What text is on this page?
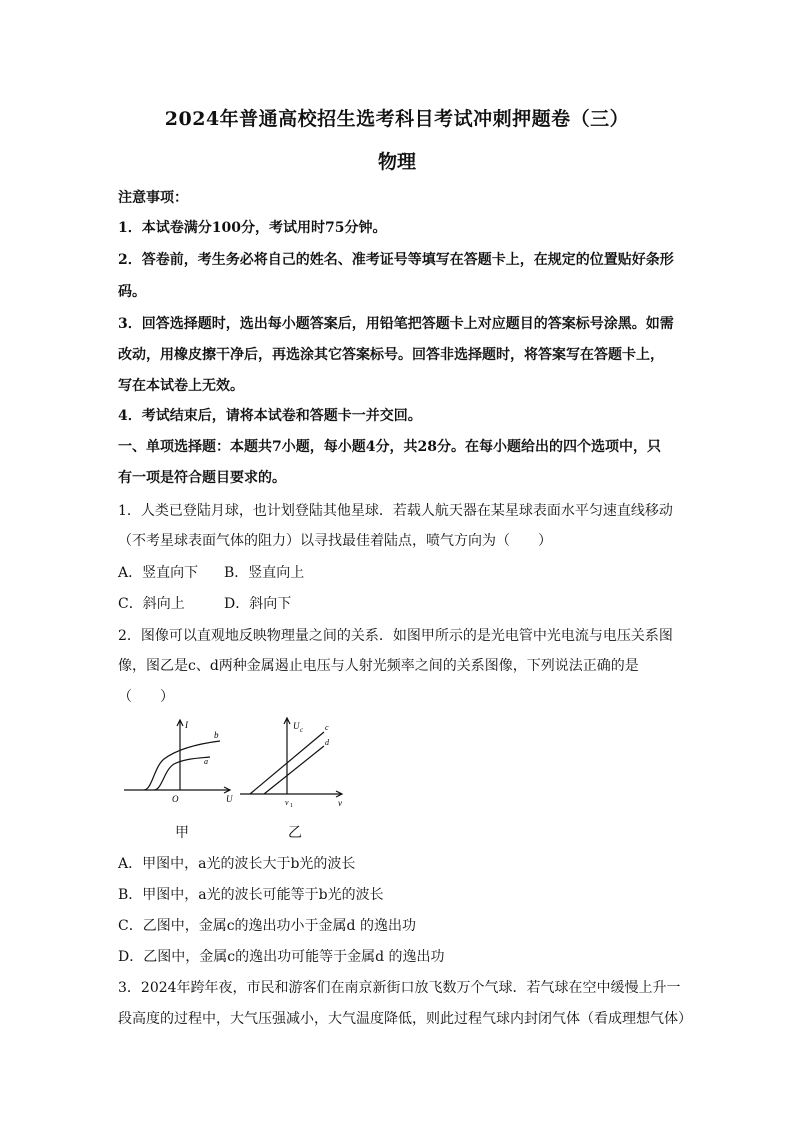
2024年普通高校招生选考科目考试冲刺押题卷（三）
物理
注意事项：
1．本试卷满分100分，考试用时75分钟。
2．答卷前，考生务必将自己的姓名、准考证号等填写在答题卡上，在规定的位置贴好条形
码。
3．回答选择题时，选出每小题答案后，用铅笔把答题卡上对应题目的答案标号涂黑。如需
改动，用橡皮擦干净后，再选涂其它答案标号。回答非选择题时，将答案写在答题卡上，
写在本试卷上无效。
4．考试结束后，请将本试卷和答题卡一并交回。
一、单项选择题：本题共7小题，每小题4分，共28分。在每小题给出的四个选项中，只
有一项是符合题目要求的。
1．人类已登陆月球，也计划登陆其他星球．若载人航天器在某星球表面水平匀速直线移动
（不考星球表面气体的阻力）以寻找最佳着陆点，喷气方向为（　　）
A．竖直向下 B．竖直向上
C．斜向上	D．斜向下
2．图像可以直观地反映物理量之间的关系．如图甲所示的是光电管中光电流与电压关系图
像，图乙是c、d两种金属遏止电压与人射光频率之间的关系图像，下列说法正确的是
（　　）
I
U
O
b
a
U c	c
d
ν
ν 1
甲	乙
A．甲图中，a光的波长大于b光的波长
B．甲图中，a光的波长可能等于b光的波长
C．乙图中，金属c的逸出功小于金属d 的逸出功
D．乙图中，金属c的逸出功可能等于金属d 的逸出功
3．2024年跨年夜，市民和游客们在南京新街口放飞数万个气球．若气球在空中缓慢上升一
段高度的过程中，大气压强减小，大气温度降低，则此过程气球内封闭气体（看成理想气体）
